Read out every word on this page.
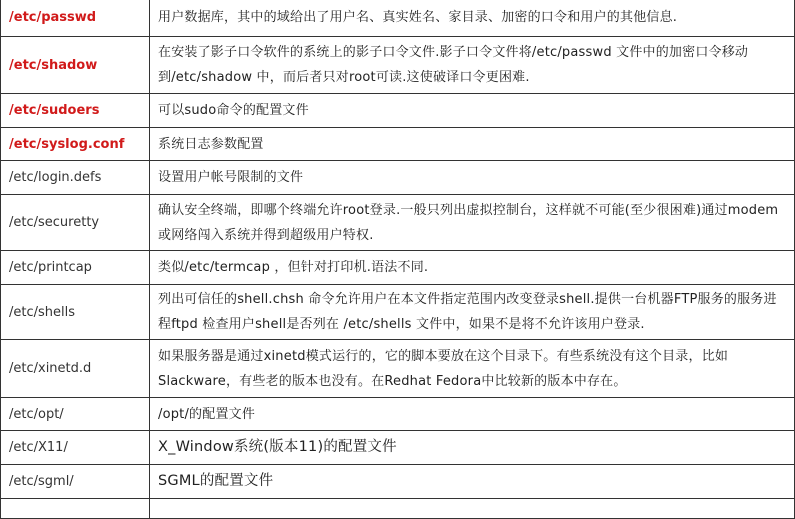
/etc/passwd	用户数据库，其中的域给出了用户名、真实姓名、家目录、加密的口令和用户的其他信息.
/etc/shadow	在安装了影子口令软件的系统上的影子口令文件.影子口令文件将/etc/passwd 文件中的加密口令移动到/etc/shadow 中，而后者只对root可读.这使破译口令更困难.
/etc/sudoers	可以sudo命令的配置文件
/etc/syslog.conf	系统日志参数配置
/etc/login.defs	设置用户帐号限制的文件
/etc/securetty	确认安全终端，即哪个终端允许root登录.一般只列出虚拟控制台，这样就不可能(至少很困难)通过modem或网络闯入系统并得到超级用户特权.
/etc/printcap	类似/etc/termcap ，但针对打印机.语法不同.
/etc/shells	列出可信任的shell.chsh 命令允许用户在本文件指定范围内改变登录shell.提供一台机器FTP服务的服务进程ftpd 检查用户shell是否列在 /etc/shells 文件中，如果不是将不允许该用户登录.
/etc/xinetd.d	如果服务器是通过xinetd模式运行的，它的脚本要放在这个目录下。有些系统没有这个目录，比如Slackware，有些老的版本也没有。在Redhat Fedora中比较新的版本中存在。
/etc/opt/	/opt/的配置文件
/etc/X11/	X_Window系统(版本11)的配置文件
/etc/sgml/	SGML的配置文件
